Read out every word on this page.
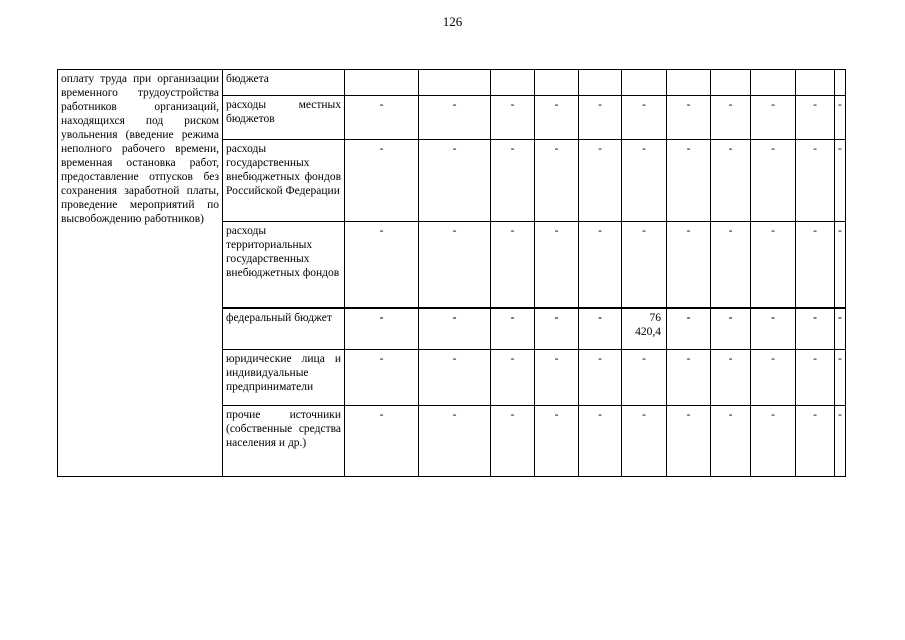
126
оплату труда при организации временного трудоустройства работников организаций, находящихся под риском увольнения (введение режима неполного рабочего времени, временная остановка работ, предоставление отпусков без сохранения заработной платы, проведение мероприятий по высвобождению работников)	бюджета											
	расходы местных бюджетов	-	-	-	-	-	-	-	-	-	-	-
	расходы государственных внебюджетных фондов Российской Федерации	-	-	-	-	-	-	-	-	-	-	-
	расходы территориальных государственных внебюджетных фондов	-	-	-	-	-	-	-	-	-	-	-
	федеральный бюджет	-	-	-	-	-	76 420,4	-	-	-	-	-
	юридические лица и индивидуальные предприниматели	-	-	-	-	-	-	-	-	-	-	-
	прочие источники (собственные средства населения и др.)	-	-	-	-	-	-	-	-	-	-	-
